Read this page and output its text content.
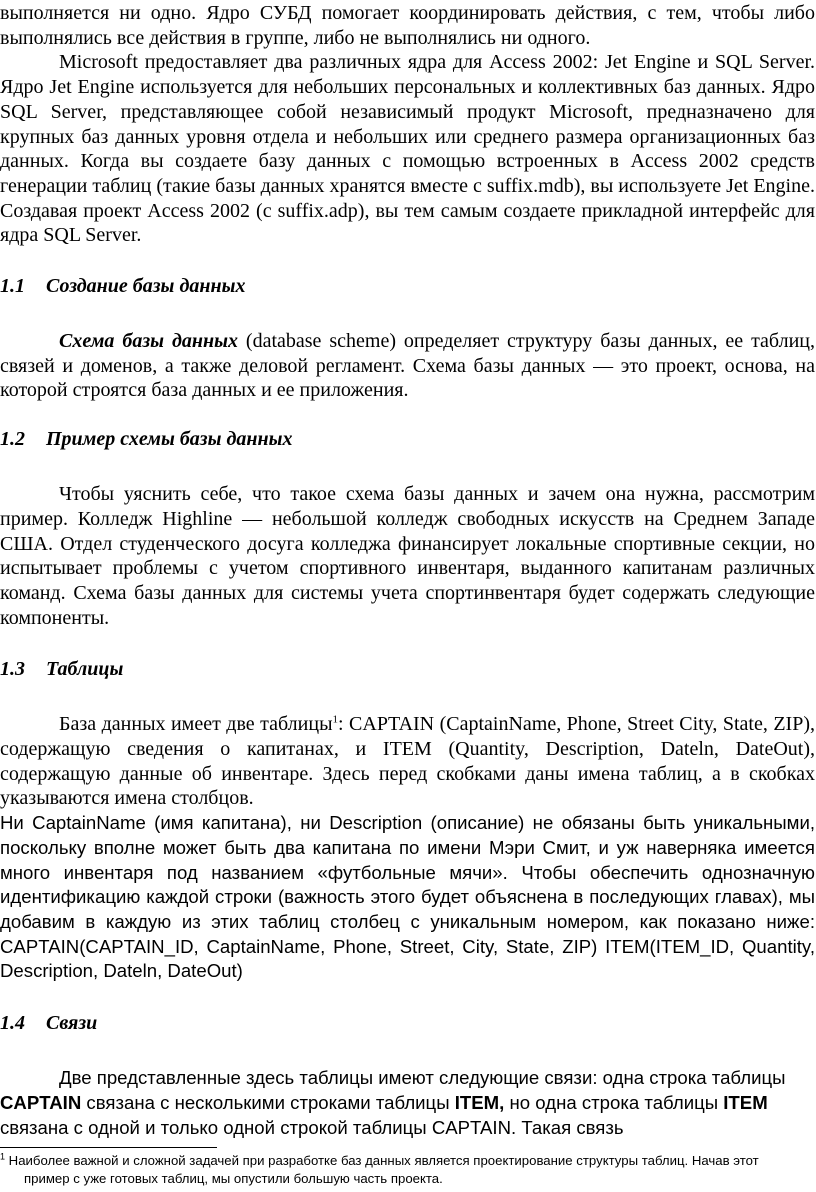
выполняется ни одно. Ядро СУБД помогает координировать действия, с тем, чтобы либо выполнялись все действия в группе, либо не выполнялись ни одного.

Microsoft предоставляет два различных ядра для Access 2002: Jet Engine и SQL Server. Ядро Jet Engine используется для небольших персональных и коллективных баз данных. Ядро SQL Server, представляющее собой независимый продукт Microsoft, предназначено для крупных баз данных уровня отдела и небольших или среднего размера организационных баз данных. Когда вы создаете базу данных с помощью встроенных в Access 2002 средств генерации таблиц (такие базы данных хранятся вместе с suffix.mdb), вы используете Jet Engine. Создавая проект Access 2002 (с suffix.adp), вы тем самым создаете прикладной интерфейс для ядра SQL Server.

1.1 Создание базы данных

Схема базы данных (database scheme) определяет структуру базы данных, ее таблиц, связей и доменов, а также деловой регламент. Схема базы данных — это проект, основа, на которой строятся база данных и ее приложения.

1.2 Пример схемы базы данных

Чтобы уяснить себе, что такое схема базы данных и зачем она нужна, рассмотрим пример. Колледж Highline — небольшой колледж свободных искусств на Среднем Западе США. Отдел студенческого досуга колледжа финансирует локальные спортивные секции, но испытывает проблемы с учетом спортивного инвентаря, выданного капитанам различных команд. Схема базы данных для системы учета спортинвентаря будет содержать следующие компоненты.

1.3 Таблицы

База данных имеет две таблицы$^1$: CAPTAIN (CaptainName, Phone, Street City, State, ZIP), содержащую сведения о капитанах, и ITEM (Quantity, Description, Dateln, DateOut), содержащую данные об инвентаре. Здесь перед скобками даны имена таблиц, а в скобках указываются имена столбцов.

Ни CaptainName (имя капитана), ни Description (описание) не обязаны быть уникальными, поскольку вполне может быть два капитана по имени Мэри Смит, и уж наверняка имеется много инвентаря под названием «футбольные мячи». Чтобы обеспечить однозначную идентификацию каждой строки (важность этого будет объяснена в последующих главах), мы добавим в каждую из этих таблиц столбец с уникальным номером, как показано ниже: CAPTAIN(CAPTAIN_ID, CaptainName, Phone, Street, City, State, ZIP) ITEM(ITEM_ID, Quantity, Description, Dateln, DateOut)

1.4 Связи

Две представленные здесь таблицы имеют следующие связи: одна строка таблицы CAPTAIN связана с несколькими строками таблицы ITEM, но одна строка таблицы ITEM связана с одной и только одной строкой таблицы CAPTAIN. Такая связь

$^1$ Наиболее важной и сложной задачей при разработке баз данных является проектирование структуры таблиц. Начав этот
пример с уже готовых таблиц, мы опустили большую часть проекта.
